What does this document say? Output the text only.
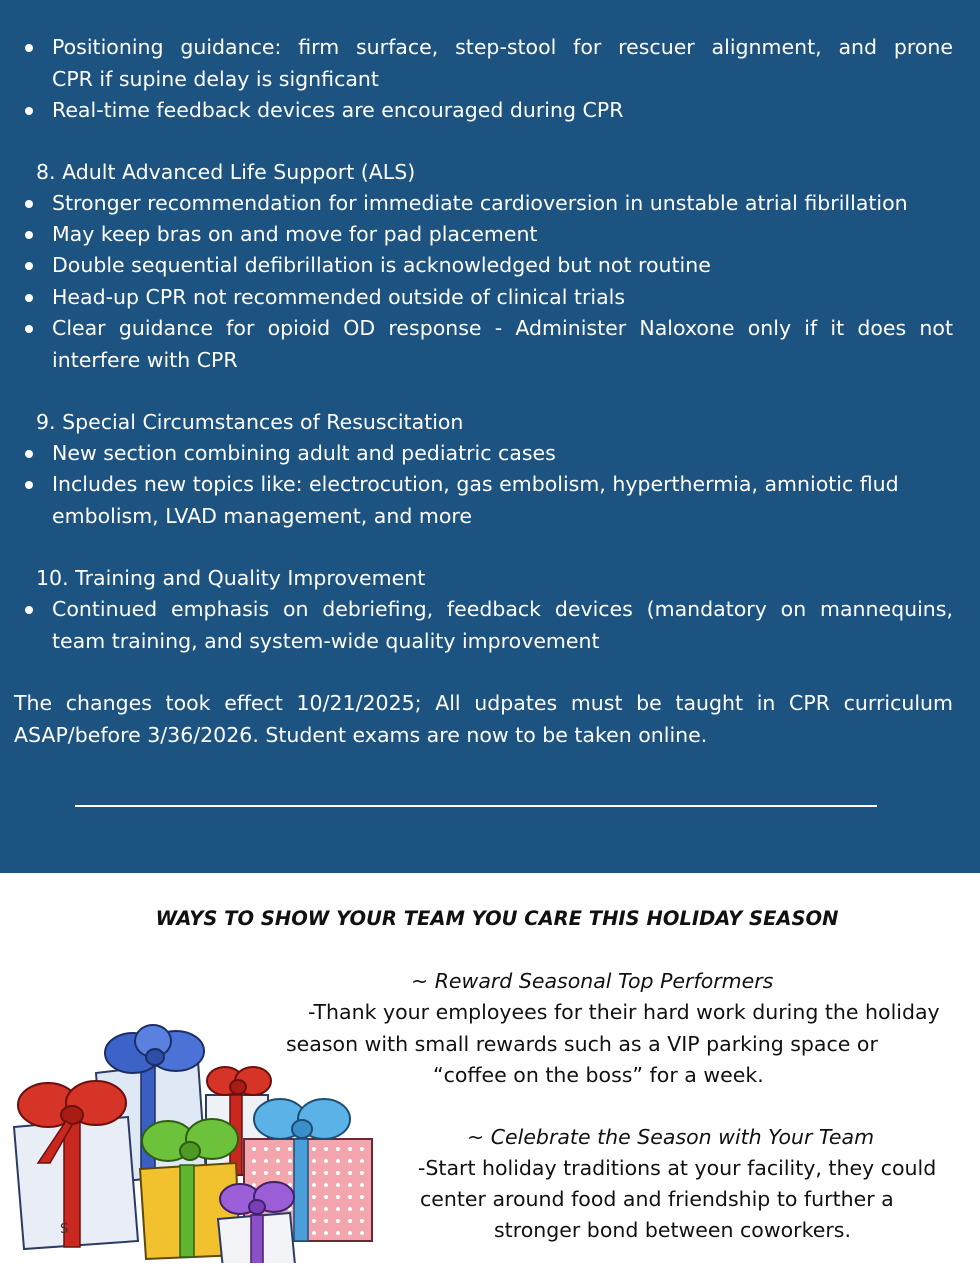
Positioning guidance: firm surface, step-stool for rescuer alignment, and prone
CPR if supine delay is signficant
Real-time feedback devices are encouraged during CPR
8. Adult Advanced Life Support (ALS)
Stronger recommendation for immediate cardioversion in unstable atrial fibrillation
May keep bras on and move for pad placement
Double sequential defibrillation is acknowledged but not routine
Head-up CPR not recommended outside of clinical trials
Clear guidance for opioid OD response - Administer Naloxone only if it does not
interfere with CPR
9. Special Circumstances of Resuscitation
New section combining adult and pediatric cases
Includes new topics like: electrocution, gas embolism, hyperthermia, amniotic flud
embolism, LVAD management, and more
10. Training and Quality Improvement
Continued emphasis on debriefing, feedback devices (mandatory on mannequins,
team training, and system-wide quality improvement
The changes took effect 10/21/2025; All udpates must be taught in CPR curriculum
ASAP/before 3/36/2026. Student exams are now to be taken online.
WAYS TO SHOW YOUR TEAM YOU CARE THIS HOLIDAY SEASON
~ Reward Seasonal Top Performers
-Thank your employees for their hard work during the holiday
season with small rewards such as a VIP parking space or
“coffee on the boss” for a week.
~ Celebrate the Season with Your Team
-Start holiday traditions at your facility, they could
center around food and friendship to further a
stronger bond between coworkers.
S
